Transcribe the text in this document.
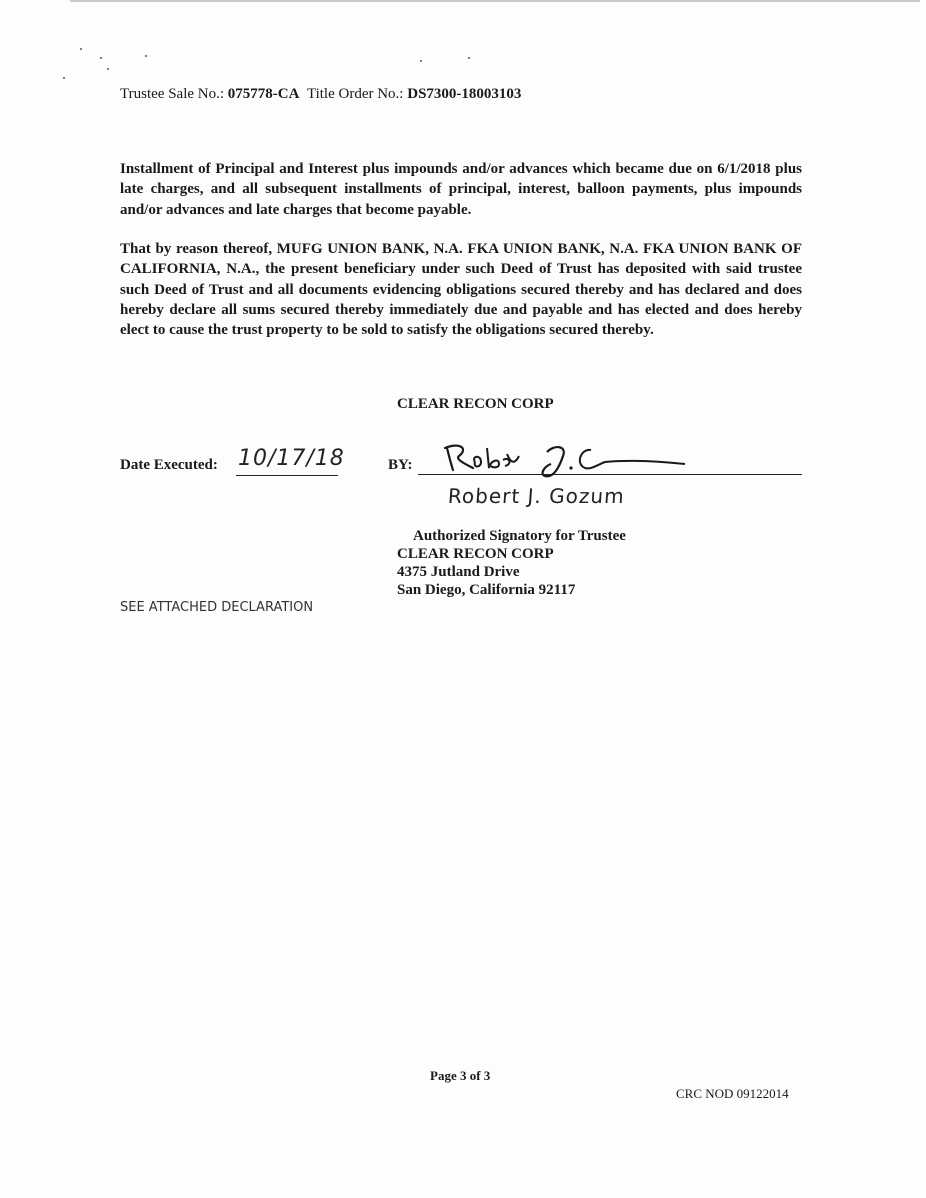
Trustee Sale No.: 075778-CA Title Order No.: DS7300-18003103
Installment of Principal and Interest plus impounds and/or advances which became due on 6/1/2018 plus late charges, and all subsequent installments of principal, interest, balloon payments, plus impounds and/or advances and late charges that become payable.
That by reason thereof, MUFG UNION BANK, N.A. FKA UNION BANK, N.A. FKA UNION BANK OF CALIFORNIA, N.A., the present beneficiary under such Deed of Trust has deposited with said trustee such Deed of Trust and all documents evidencing obligations secured thereby and has declared and does hereby declare all sums secured thereby immediately due and payable and has elected and does hereby elect to cause the trust property to be sold to satisfy the obligations secured thereby.
CLEAR RECON CORP
Date Executed: 10/17/18	BY:
Robert J. Gozum
Authorized Signatory for Trustee
CLEAR RECON CORP
4375 Jutland Drive
San Diego, California 92117
SEE ATTACHED DECLARATION
Page 3 of 3
CRC NOD 09122014
